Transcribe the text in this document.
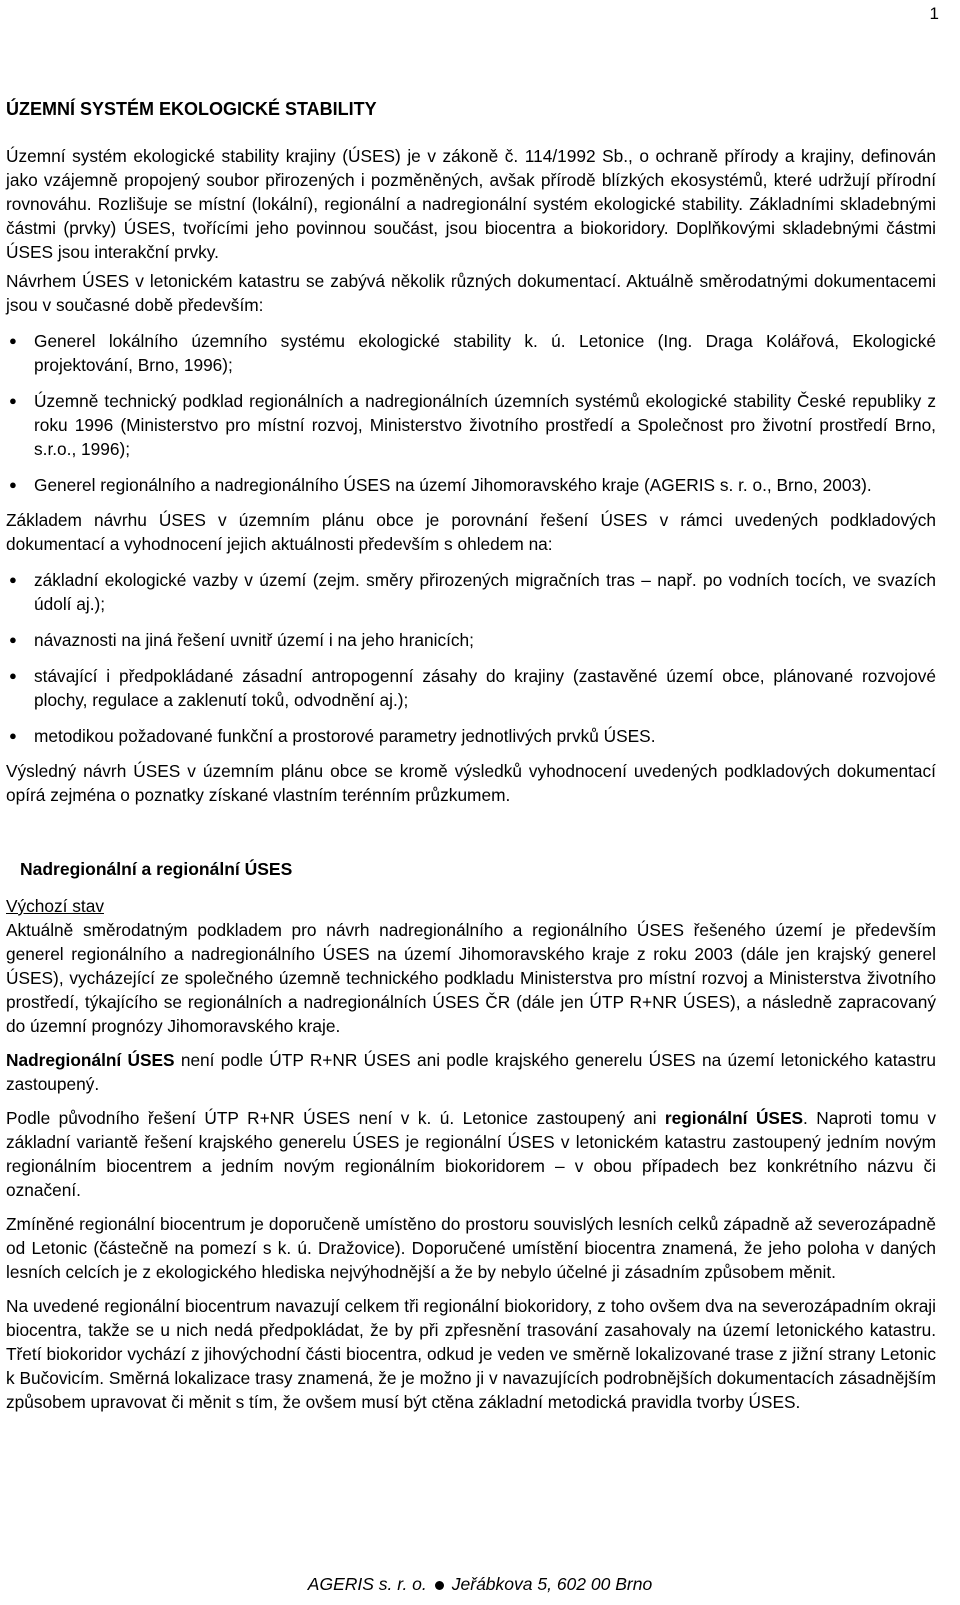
1
ÚZEMNÍ SYSTÉM EKOLOGICKÉ STABILITY

Územní systém ekologické stability krajiny (ÚSES) je v zákoně č. 114/1992 Sb., o ochraně přírody a krajiny, definován jako vzájemně propojený soubor přirozených i pozměněných, avšak přírodě blízkých ekosystémů, které udržují přírodní rovnováhu. Rozlišuje se místní (lokální), regionální a nadregionální systém ekologické stability. Základními skladebnými částmi (prvky) ÚSES, tvořícími jeho povinnou součást, jsou biocentra a biokoridory. Doplňkovými skladebnými částmi ÚSES jsou interakční prvky.

Návrhem ÚSES v letonickém katastru se zabývá několik různých dokumentací. Aktuálně směrodatnými dokumentacemi jsou v současné době především:

● Generel lokálního územního systému ekologické stability k. ú. Letonice (Ing. Draga Kolářová, Ekologické projektování, Brno, 1996);
● Územně technický podklad regionálních a nadregionálních územních systémů ekologické stability České republiky z roku 1996 (Ministerstvo pro místní rozvoj, Ministerstvo životního prostředí a Společnost pro životní prostředí Brno, s.r.o., 1996);
● Generel regionálního a nadregionálního ÚSES na území Jihomoravského kraje (AGERIS s. r. o., Brno, 2003).

Základem návrhu ÚSES v územním plánu obce je porovnání řešení ÚSES v rámci uvedených podkladových dokumentací a vyhodnocení jejich aktuálnosti především s ohledem na:

● základní ekologické vazby v území (zejm. směry přirozených migračních tras – např. po vodních tocích, ve svazích údolí aj.);
● návaznosti na jiná řešení uvnitř území i na jeho hranicích;
● stávající i předpokládané zásadní antropogenní zásahy do krajiny (zastavěné území obce, plánované rozvojové plochy, regulace a zaklenutí toků, odvodnění aj.);
● metodikou požadované funkční a prostorové parametry jednotlivých prvků ÚSES.

Výsledný návrh ÚSES v územním plánu obce se kromě výsledků vyhodnocení uvedených podkladových dokumentací opírá zejména o poznatky získané vlastním terénním průzkumem.

Nadregionální a regionální ÚSES

Výchozí stav

Aktuálně směrodatným podkladem pro návrh nadregionálního a regionálního ÚSES řešeného území je především generel regionálního a nadregionálního ÚSES na území Jihomoravského kraje z roku 2003 (dále jen krajský generel ÚSES), vycházející ze společného územně technického podkladu Ministerstva pro místní rozvoj a Ministerstva životního prostředí, týkajícího se regionálních a nadregionálních ÚSES ČR (dále jen ÚTP R+NR ÚSES), a následně zapracovaný do územní prognózy Jihomoravského kraje.

Nadregionální ÚSES není podle ÚTP R+NR ÚSES ani podle krajského generelu ÚSES na území letonického katastru zastoupený.

Podle původního řešení ÚTP R+NR ÚSES není v k. ú. Letonice zastoupený ani regionální ÚSES. Naproti tomu v základní variantě řešení krajského generelu ÚSES je regionální ÚSES v letonickém katastru zastoupený jedním novým regionálním biocentrem a jedním novým regionálním biokoridorem – v obou případech bez konkrétního názvu či označení.

Zmíněné regionální biocentrum je doporučeně umístěno do prostoru souvislých lesních celků západně až severozápadně od Letonic (částečně na pomezí s k. ú. Dražovice). Doporučené umístění biocentra znamená, že jeho poloha v daných lesních celcích je z ekologického hlediska nejvýhodnější a že by nebylo účelné ji zásadním způsobem měnit.

Na uvedené regionální biocentrum navazují celkem tři regionální biokoridory, z toho ovšem dva na severozápadním okraji biocentra, takže se u nich nedá předpokládat, že by při zpřesnění trasování zasahovaly na území letonického katastru. Třetí biokoridor vychází z jihovýchodní části biocentra, odkud je veden ve směrně lokalizované trase z jižní strany Letonic k Bučovicím. Směrná lokalizace trasy znamená, že je možno ji v navazujících podrobnějších dokumentacích zásadnějším způsobem upravovat či měnit s tím, že ovšem musí být ctěna základní metodická pravidla tvorby ÚSES.

AGERIS s. r. o. Jeřábkova 5, 602 00 Brno
